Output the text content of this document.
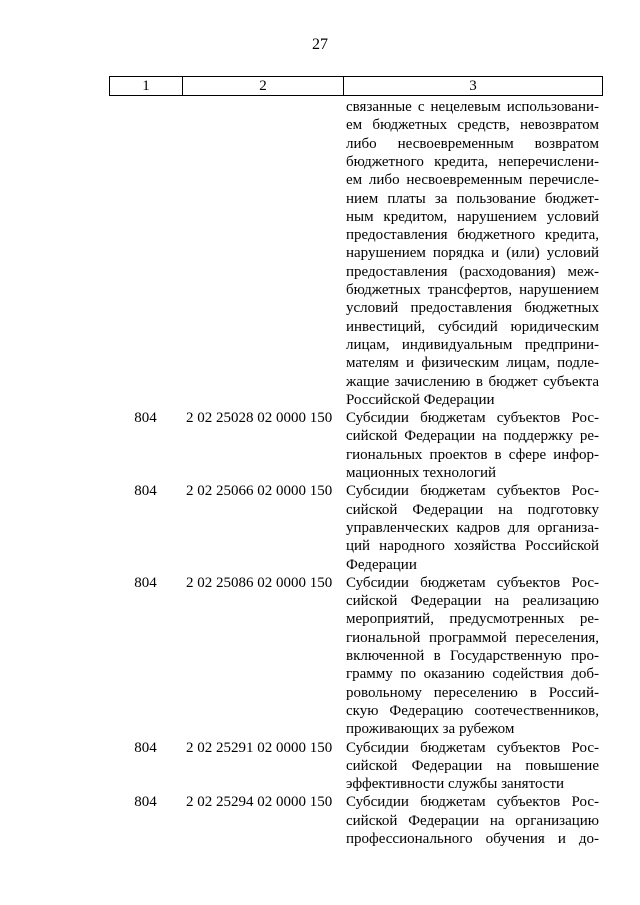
27
1	2	3
связанные с нецелевым использовани-
ем бюджетных средств, невозвратом
либо несвоевременным возвратом
бюджетного кредита, неперечислени-
ем либо несвоевременным перечисле-
нием платы за пользование бюджет-
ным кредитом, нарушением условий
предоставления бюджетного кредита,
нарушением порядка и (или) условий
предоставления (расходования) меж-
бюджетных трансфертов, нарушением
условий предоставления бюджетных
инвестиций, субсидий юридическим
лицам, индивидуальным предприни-
мателям и физическим лицам, подле-
жащие зачислению в бюджет субъекта
Российской Федерации
804	2 02 25028 02 0000 150 Субсидии бюджетам субъектов Рос-
сийской Федерации на поддержку ре-
гиональных проектов в сфере инфор-
мационных технологий
804	2 02 25066 02 0000 150 Субсидии бюджетам субъектов Рос-
сийской Федерации на подготовку
управленческих кадров для организа-
ций народного хозяйства Российской
Федерации
804	2 02 25086 02 0000 150 Субсидии бюджетам субъектов Рос-
сийской Федерации на реализацию
мероприятий, предусмотренных ре-
гиональной программой переселения,
включенной в Государственную про-
грамму по оказанию содействия доб-
ровольному переселению в Россий-
скую Федерацию соотечественников,
проживающих за рубежом
804	2 02 25291 02 0000 150 Субсидии бюджетам субъектов Рос-
сийской Федерации на повышение
эффективности службы занятости
804	2 02 25294 02 0000 150 Субсидии бюджетам субъектов Рос-
сийской Федерации на организацию
профессионального обучения и до-
